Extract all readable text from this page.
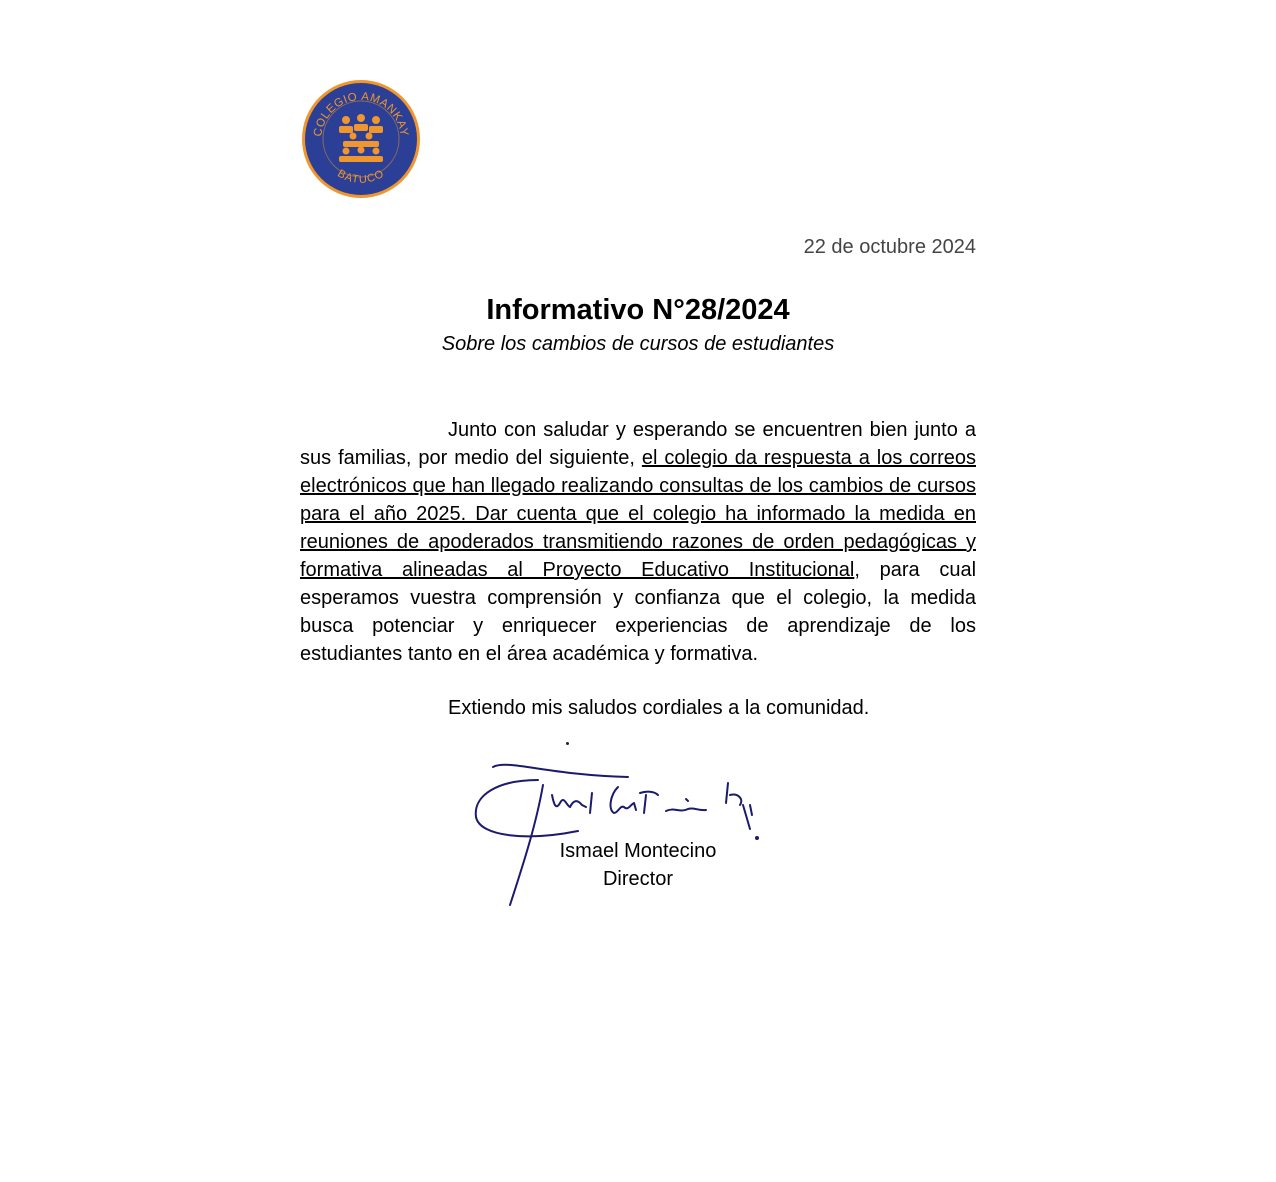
COLEGIO AMANKAY
BATUCO
22 de octubre 2024
Informativo N°28/2024

Sobre los cambios de cursos de estudiantes

Junto con saludar y esperando se encuentren bien junto a sus familias, por medio del siguiente, el colegio da respuesta a los correos electrónicos que han llegado realizando consultas de los cambios de cursos para el año 2025. Dar cuenta que el colegio ha informado la medida en reuniones de apoderados transmitiendo razones de orden pedagógicas y formativa alineadas al Proyecto Educativo Institucional, para cual esperamos vuestra comprensión y confianza que el colegio, la medida busca potenciar y enriquecer experiencias de aprendizaje de los estudiantes tanto en el área académica y formativa.

Extiendo mis saludos cordiales a la comunidad.

Ismael Montecino
Director
